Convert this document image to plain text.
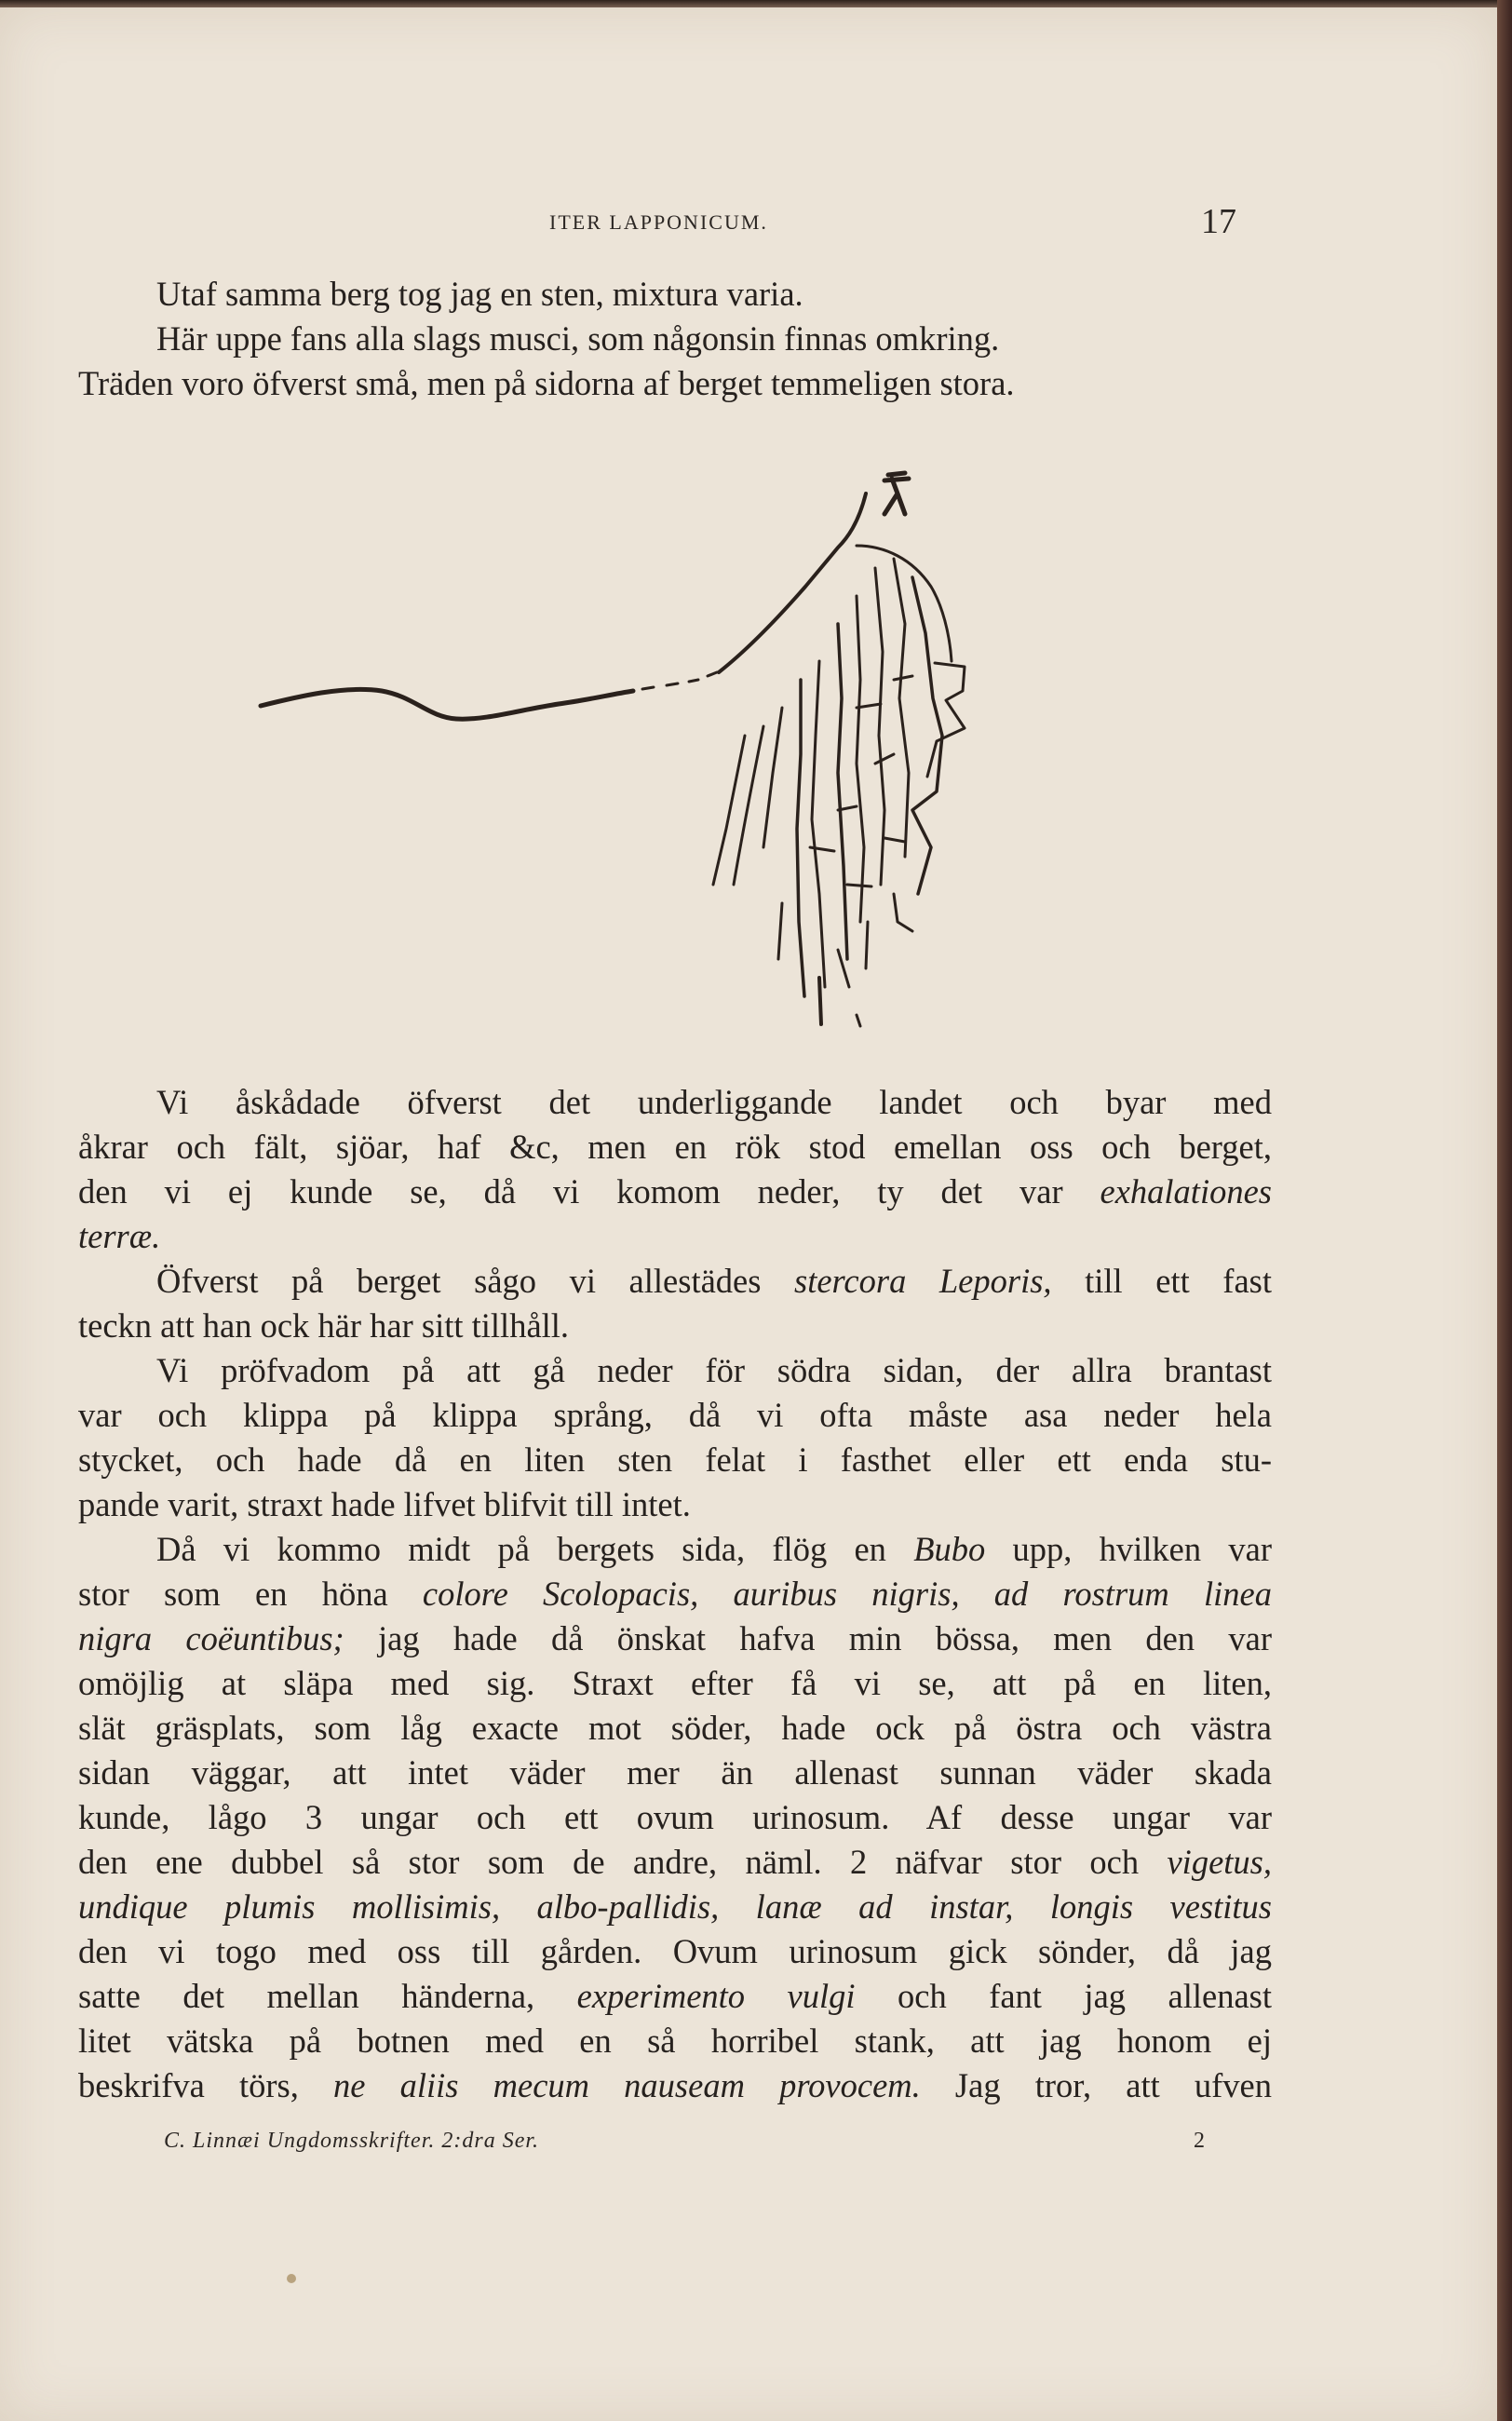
ITER LAPPONICUM.	17
Utaf samma berg tog jag en sten, mixtura varia.
Här uppe fans alla slags musci, som någonsin finnas omkring.
Träden voro öfverst små, men på sidorna af berget temmeligen stora.
Vi åskådade öfverst det underliggande landet och byar med
åkrar och fält, sjöar, haf &c, men en rök stod emellan oss och berget,
den vi ej kunde se, då vi komom neder, ty det var exhalationes
terræ.
Öfverst på berget sågo vi allestädes stercora Leporis, till ett fast
teckn att han ock här har sitt tillhåll.
Vi pröfvadom på att gå neder för södra sidan, der allra brantast
var och klippa på klippa språng, då vi ofta måste asa neder hela
stycket, och hade då en liten sten felat i fasthet eller ett enda stu-
pande varit, straxt hade lifvet blifvit till intet.
Då vi kommo midt på bergets sida, flög en Bubo upp, hvilken var
stor som en höna colore Scolopacis, auribus nigris, ad rostrum linea
nigra coëuntibus; jag hade då önskat hafva min bössa, men den var
omöjlig at släpa med sig. Straxt efter få vi se, att på en liten,
slät gräsplats, som låg exacte mot söder, hade ock på östra och västra
sidan väggar, att intet väder mer än allenast sunnan väder skada
kunde, lågo 3 ungar och ett ovum urinosum. Af desse ungar var
den ene dubbel så stor som de andre, näml. 2 näfvar stor och vigetus,
undique plumis mollisimis, albo-pallidis, lanæ ad instar, longis vestitus
den vi togo med oss till gården. Ovum urinosum gick sönder, då jag
satte det mellan händerna, experimento vulgi och fant jag allenast
litet vätska på botnen med en så horribel stank, att jag honom ej
beskrifva törs, ne aliis mecum nauseam provocem. Jag tror, att ufven
C. Linnæi Ungdomsskrifter. 2:dra Ser.	2
